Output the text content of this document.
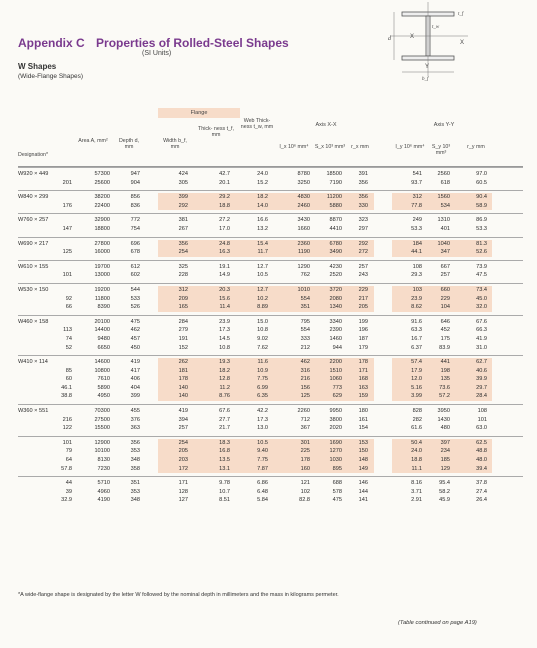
Appendix C Properties of Rolled-Steel Shapes
(SI Units)
W Shapes
(Wide-Flange Shapes)
X
X
Y
d
t_w
t_f
b_f
Flange
Axis X-X	Axis Y-Y
Designation*
Area A, mm²	Depth d, mm
Width b_f, mm
Thick- ness t_f, mm
Web Thick- ness t_w, mm
I_x 10⁶ mm⁴	S_x 10³ mm³	r_x mm	I_y 10⁶ mm⁴	S_y 10³ mm³
r_y mm
W920 × 449	57300	947	424	42.7	24.0	8780	18500	391	541	2560	97.0
201	25600	904	305	20.1	15.2	3250	7190	356	93.7	618	60.5
W840 × 299	38200	856	399	29.2	18.2	4830	11200	356	312	1560	90.4
176	22400	836	292	18.8	14.0	2460	5880	330	77.8	534	58.9
W760 × 257	32900	772	381	27.2	16.6	3430	8870	323	249	1310	86.9
147	18800	754	267	17.0	13.2	1660	4410	297	53.3	401	53.3
W690 × 217	27800	696	356	24.8	15.4	2360	6780	292	184	1040	81.3
125	16000	678	254	16.3	11.7	1190	3490	272	44.1	347	52.6
W610 × 155	19700	612	325	19.1	12.7	1290	4230	257	108	667	73.9
101	13000	602	228	14.9	10.5	762	2520	243	29.3	257	47.5
W530 × 150	19200	544	312	20.3	12.7	1010	3720	229	103	660	73.4
92	11800	533	209	15.6	10.2	554	2080	217	23.9	229	45.0
66	8390	526	165	11.4	8.89	351	1340	205	8.62	104	32.0
W460 × 158	20100	475	284	23.9	15.0	795	3340	199	91.6	646	67.6
113	14400	462	279	17.3	10.8	554	2390	196	63.3	452	66.3
74	9480	457	191	14.5	9.02	333	1460	187	16.7	175	41.9
52	6650	450	152	10.8	7.62	212	944	179	6.37	83.9	31.0
W410 × 114	14600	419	262	19.3	11.6	462	2200	178	57.4	441	62.7
85	10800	417	181	18.2	10.9	316	1510	171	17.9	198	40.6
60	7610	406	178	12.8	7.75	216	1060	168	12.0	135	39.9
46.1	5890	404	140	11.2	6.99	156	773	163	5.16	73.6	29.7
38.8	4950	399	140	8.76	6.35	125	629	159	3.99	57.2	28.4
W360 × 551	70300	455	419	67.6	42.2	2260	9950	180	828	3950	108
216	27500	376	394	27.7	17.3	712	3800	161	282	1430	101
122	15500	363	257	21.7	13.0	367	2020	154	61.6	480	63.0
101	12900	356	254	18.3	10.5	301	1690	153	50.4	397	62.5
79	10100	353	205	16.8	9.40	225	1270	150	24.0	234	48.8
64	8130	348	203	13.5	7.75	178	1030	148	18.8	185	48.0
57.8	7230	358	172	13.1	7.87	160	895	149	11.1	129	39.4
44	5710	351	171	9.78	6.86	121	688	146	8.16	95.4	37.8
39	4960	353	128	10.7	6.48	102	578	144	3.71	58.2	27.4
32.9	4190	348	127	8.51	5.84	82.8	475	141	2.91	45.9	26.4
*A wide-flange shape is designated by the letter W followed by the nominal depth in millimeters and the mass in kilograms permeter.
(Table continued on page A19)
